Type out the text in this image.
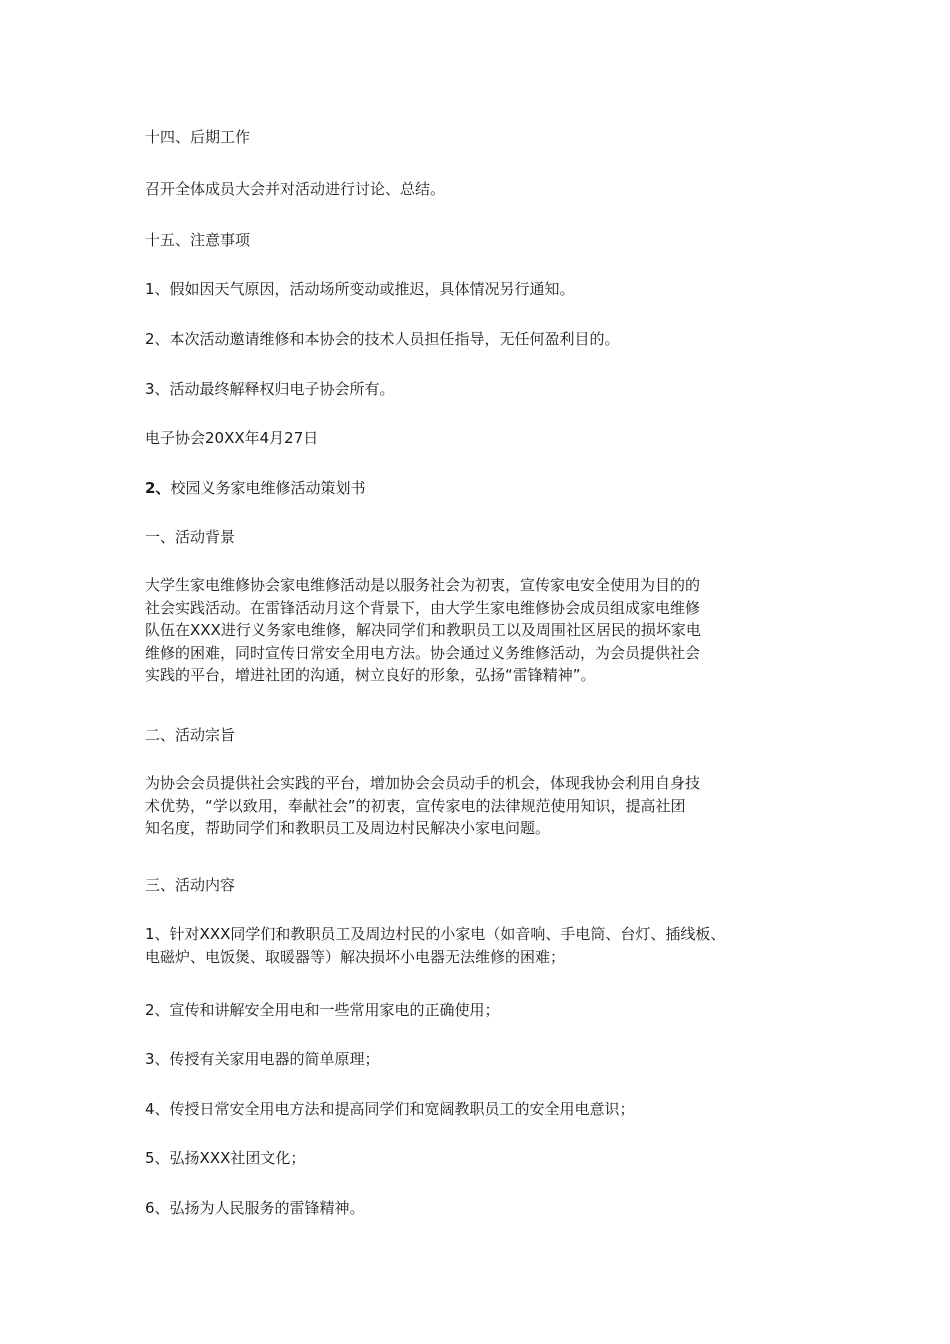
十四、后期工作
召开全体成员大会并对活动进行讨论、总结。
十五、注意事项
1、假如因天气原因，活动场所变动或推迟，具体情况另行通知。
2、本次活动邀请维修和本协会的技术人员担任指导，无任何盈利目的。
3、活动最终解释权归电子协会所有。
电子协会20XX年4月27日
2、校园义务家电维修活动策划书
一、活动背景
大学生家电维修协会家电维修活动是以服务社会为初衷，宣传家电安全使用为目的的
社会实践活动。在雷锋活动月这个背景下，由大学生家电维修协会成员组成家电维修
队伍在XXX进行义务家电维修，解决同学们和教职员工以及周围社区居民的损坏家电
维修的困难，同时宣传日常安全用电方法。协会通过义务维修活动，为会员提供社会
实践的平台，增进社团的沟通，树立良好的形象，弘扬“雷锋精神”。
二、活动宗旨
为协会会员提供社会实践的平台，增加协会会员动手的机会，体现我协会利用自身技
术优势，“学以致用，奉献社会”的初衷，宣传家电的法律规范使用知识，提高社团
知名度，帮助同学们和教职员工及周边村民解决小家电问题。
三、活动内容
1、针对XXX同学们和教职员工及周边村民的小家电（如音响、手电筒、台灯、插线板、
电磁炉、电饭煲、取暖器等）解决损坏小电器无法维修的困难；
2、宣传和讲解安全用电和一些常用家电的正确使用；
3、传授有关家用电器的简单原理；
4、传授日常安全用电方法和提高同学们和宽阔教职员工的安全用电意识；
5、弘扬XXX社团文化；
6、弘扬为人民服务的雷锋精神。
